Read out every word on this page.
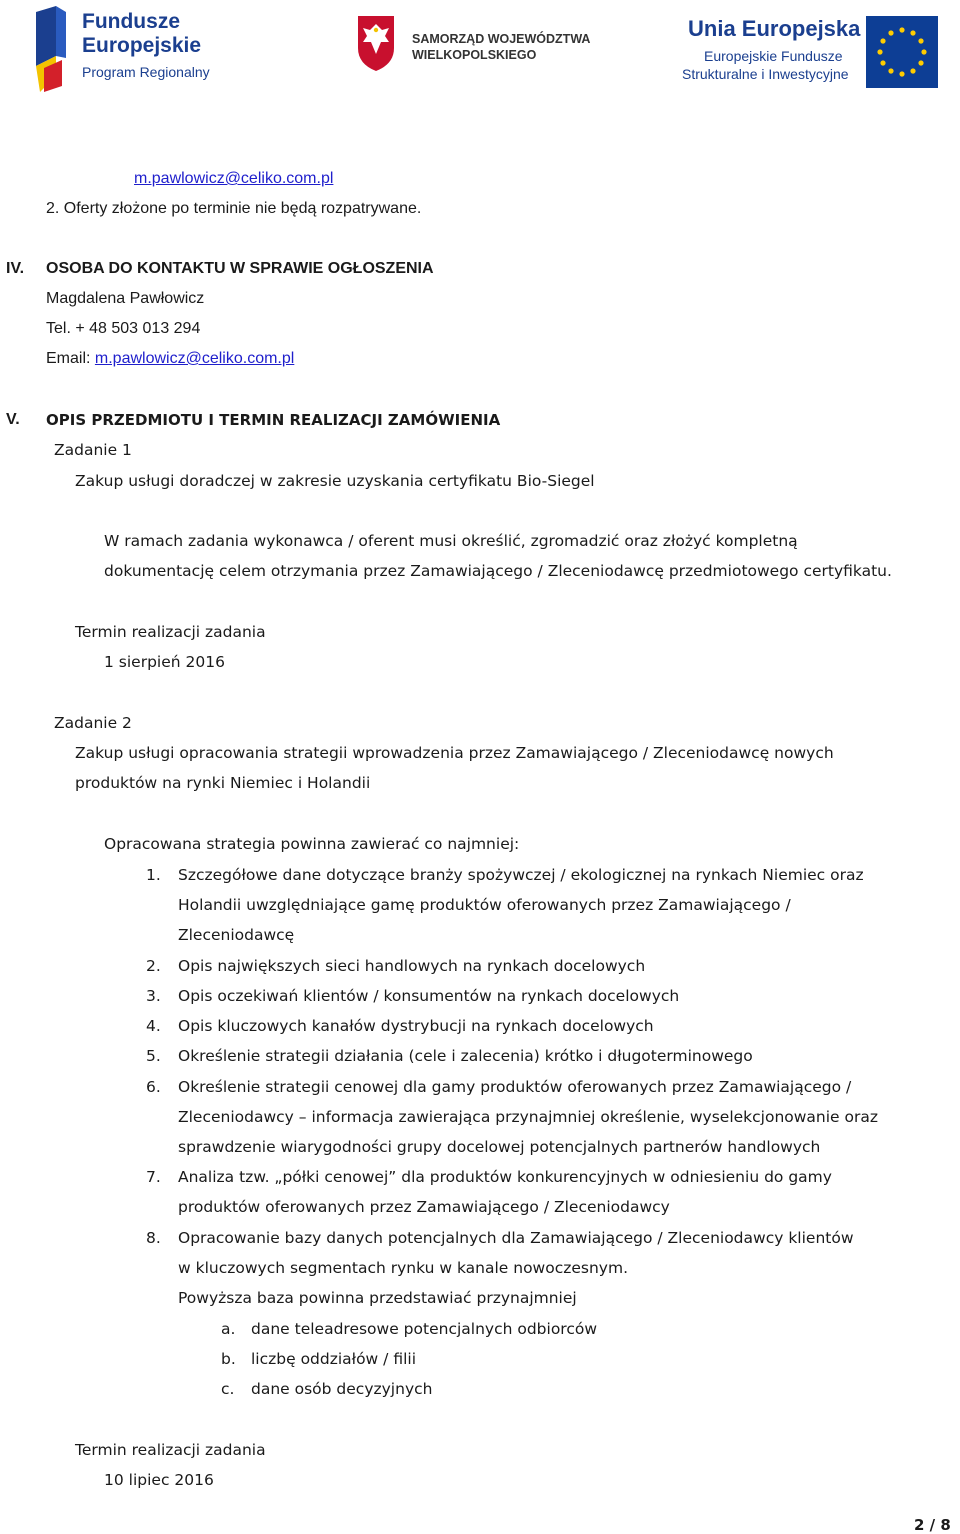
Fundusze
Europejskie
Program Regionalny
SAMORZĄD WOJEWÓDZTWA
WIELKOPOLSKIEGO
Unia Europejska
Europejskie Fundusze
Strukturalne i Inwestycyjne
m.pawlowicz@celiko.com.pl
2. Oferty złożone po terminie nie będą rozpatrywane.
IV. OSOBA DO KONTAKTU W SPRAWIE OGŁOSZENIA
Magdalena Pawłowicz
Tel. + 48 503 013 294
Email: m.pawlowicz@celiko.com.pl
V. OPIS PRZEDMIOTU I TERMIN REALIZACJI ZAMÓWIENIA
Zadanie 1
Zakup usługi doradczej w zakresie uzyskania certyfikatu Bio-Siegel
W ramach zadania wykonawca / oferent musi określić, zgromadzić oraz złożyć kompletną
dokumentację celem otrzymania przez Zamawiającego / Zleceniodawcę przedmiotowego certyfikatu.
Termin realizacji zadania
1 sierpień 2016
Zadanie 2
Zakup usługi opracowania strategii wprowadzenia przez Zamawiającego / Zleceniodawcę nowych
produktów na rynki Niemiec i Holandii
Opracowana strategia powinna zawierać co najmniej:
1. Szczegółowe dane dotyczące branży spożywczej / ekologicznej na rynkach Niemiec oraz
Holandii uwzględniające gamę produktów oferowanych przez Zamawiającego /
Zleceniodawcę
2. Opis największych sieci handlowych na rynkach docelowych
3. Opis oczekiwań klientów / konsumentów na rynkach docelowych
4. Opis kluczowych kanałów dystrybucji na rynkach docelowych
5. Określenie strategii działania (cele i zalecenia) krótko i długoterminowego
6. Określenie strategii cenowej dla gamy produktów oferowanych przez Zamawiającego /
Zleceniodawcy – informacja zawierająca przynajmniej określenie, wyselekcjonowanie oraz
sprawdzenie wiarygodności grupy docelowej potencjalnych partnerów handlowych
7. Analiza tzw. „półki cenowej” dla produktów konkurencyjnych w odniesieniu do gamy
produktów oferowanych przez Zamawiającego / Zleceniodawcy
8. Opracowanie bazy danych potencjalnych dla Zamawiającego / Zleceniodawcy klientów
w kluczowych segmentach rynku w kanale nowoczesnym.
Powyższa baza powinna przedstawiać przynajmniej
a. dane teleadresowe potencjalnych odbiorców
b. liczbę oddziałów / filii
c. dane osób decyzyjnych
Termin realizacji zadania
10 lipiec 2016
2 / 8
